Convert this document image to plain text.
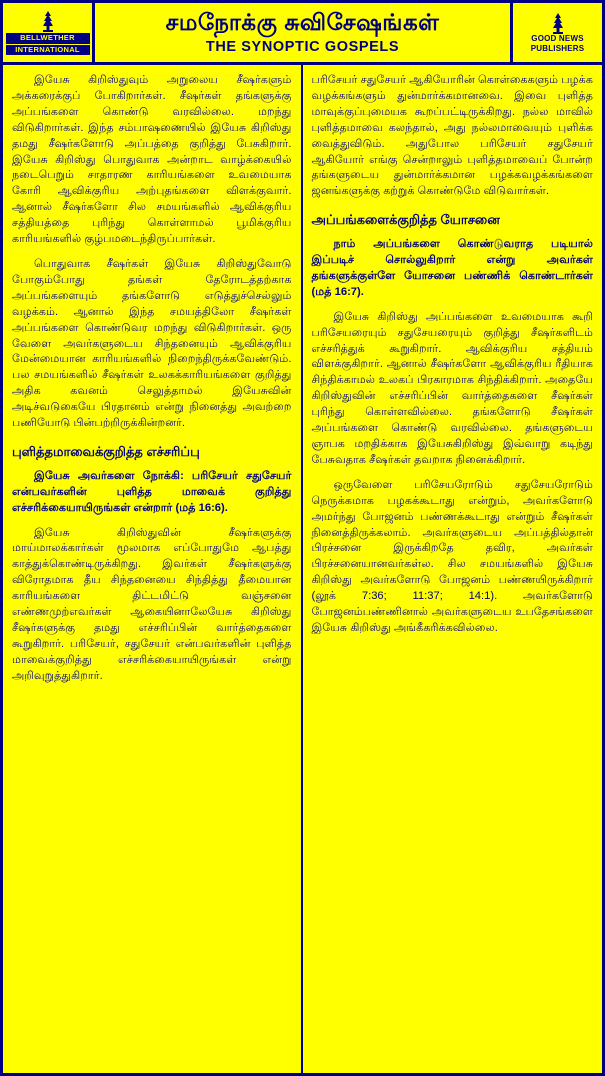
BELLWETHER
INTERNATIONAL
சமநோக்கு சுவிசேஷங்கள்
THE SYNOPTIC GOSPELS
GOOD NEWS
PUBLISHERS

இயேசு கிறிஸ்துவும் அறுலைய சீஷர்களும் அக்கரைக்குப் போகிறார்கள். சீஷர்கள் தங்களுக்கு அப்பங்களை கொண்டு வரவில்லை. மறந்து விடுகிறார்கள். இந்த சம்பாஷணையில் இயேசு கிறிஸ்து தமது சீஷர்களோடு அப்பத்தை குறித்து பேசுகிறார். இயேசு கிறிஸ்து பொதுவாக அன்றாட வாழ்க்கையில் நடைபெறும் சாதாரண காரியங்களை உவமையாக கோரி ஆவிக்குரிய அற்புதங்களை விளக்குவார். ஆனால் சீஷர்களோ சில சமயங்களில் ஆவிக்குரிய சத்தியத்தை புரிந்து கொள்ளாமல் பூமிக்குரிய காரியங்களில் குழ்பமடைந்திருப்பார்கள்.

பொதுவாக சீஷர்கள் இயேசு கிறிஸ்துவோடு போகும்போது தங்கள் தேரோடத்தற்காக அப்பங்களையும் தங்களோடு எடுத்துச்செல்லும் வழக்கம். ஆனால் இந்த சமயத்திலோ சீஷர்கள் அப்பங்களை கொண்டுவர மறந்து விடுகிறார்கள். ஒரு வேளை அவர்களுடைய சிந்தனையும் ஆவிக்குரிய மேன்மையான காரியங்களில் நிறைந்திருக்கவேண்டும். பல சமயங்களில் சீஷர்கள் உலகக்காரியங்களை குறித்து அதிக கவனம் செலுத்தாமல் இயேசுவின் அடிச்வடுகையே பிரதானம் என்று நினைத்து அவற்றை பணியோடு பின்பற்றிருக்கின்றனர்.

புளித்தமாவைக்குறித்த எச்சரிப்பு

இயேசு அவர்களை நோக்கி: பரிசேயர் சதுசேயர் என்பவர்களின் புளித்த மாவைக் குறித்து எச்சரிக்கையாயிருங்கள் என்றார் (மத் 16:6).

இயேசு கிறிஸ்துவின் சீஷர்களுக்கு மாய்மாலக்கார்கள் மூலமாக எப்போதுமே ஆபத்து காத்துக்கொண்டிருக்கிறது. இவர்கள் சீஷர்களுக்கு விரோதமாக தீய சிந்தனையை சிந்தித்து தீமையான காரியங்களை திட்டமிட்டு வஞ்சனை எண்ணமுற்எவர்கள் ஆகையினாலேயேசு கிறிஸ்து சீஷர்களுக்கு தமது எச்சரிப்பின் வார்த்தைகளை கூறுகிறார். பரிசேயர், சதுசேயர் என்பவர்களின் புளித்த மாவைக்குறித்து எச்சரிக்கையாயிருங்கள் என்று அறிவுறுத்துகிறார்.

பரிசேயர் சதுசேயர் ஆகியோரின் கொள்கைகளும் பழக்க வழக்கங்களும் துன்மார்க்கமானவை. இவை புளித்த மாவுக்குப்புமையக கூறப்பட்டிருக்கிறது. நல்ல மாவில் புளித்தமாவை கலந்தால், அது நல்லமாவையும் புளிக்க வைத்துவிடும். அதுபோல பரிசேயர் சதுசேயர் ஆகியோர் எங்கு சென்றாலும் புளித்தமாவைப் போன்ற தங்களுடைய துன்மார்க்கமான பழக்கவழக்கங்களை ஜனங்களுக்கு கற்றுக் கொண்டுமே விடுவார்கள்.

அப்பங்களைக்குறித்த யோசனை

நாம் அப்பங்களை கொண்டுவராத படியால் இப்படிச் சொல்லுகிறார் என்று அவர்கள் தங்களுக்குள்ளே யோசனை பண்ணிக் கொண்டார்கள் (மத் 16:7).

இயேசு கிறிஸ்து அப்பங்களை உவமையாக கூறி பரிசேயரையும் சதுசேயரையும் குறித்து சீஷர்களிடம் எச்சரித்துக் கூறுகிறார். ஆவிக்குரிய சத்தியம் விளக்குகிறார். ஆனால் சீஷர்களோ ஆவிக்குரிய ரீதியாக சிந்திக்காமல் உலகப் பிரகாரமாக சிந்திக்கிறார். அதையே கிறிஸ்துவின் எச்சரிப்பின் வார்த்தைகளை சீஷர்கள் புரிந்து கொள்ளவில்லை. தங்களோடு சீஷர்கள் அப்பங்களை கொண்டு வரவில்லை. தங்களுடைய ஞாபக மறதிக்காக இயேசுகிறிஸ்து இவ்வாறு கடிந்து பேசுவதாக சீஷர்கள் தவறாக நினைக்கிறார்.

ஒருவேளை பரிசேயரோடும் சதுசேயரோடும் நெருக்கமாக பழகக்கூடாது என்றும், அவர்களோடு அமர்ந்து போஜனம் பண்ணக்கூடாது என்றும் சீஷர்கள் நினைத்திருக்கலாம். அவர்களுடைய அப்பத்தில்தான் பிரச்சனை இருக்கிறதே தவிர, அவர்கள் பிரச்சனையானவர்கள்ல. சில சமயங்களில் இயேசு கிறிஸ்து அவர்களோடு போஜனம் பண்ணயிருக்கிறார் (லூக் 7:36; 11:37; 14:1). அவர்களோடு போஜனம்பண்ணினால் அவர்களுடைய உபதேசங்களை இயேசு கிறிஸ்து அங்கீகரிக்கவில்லை.
